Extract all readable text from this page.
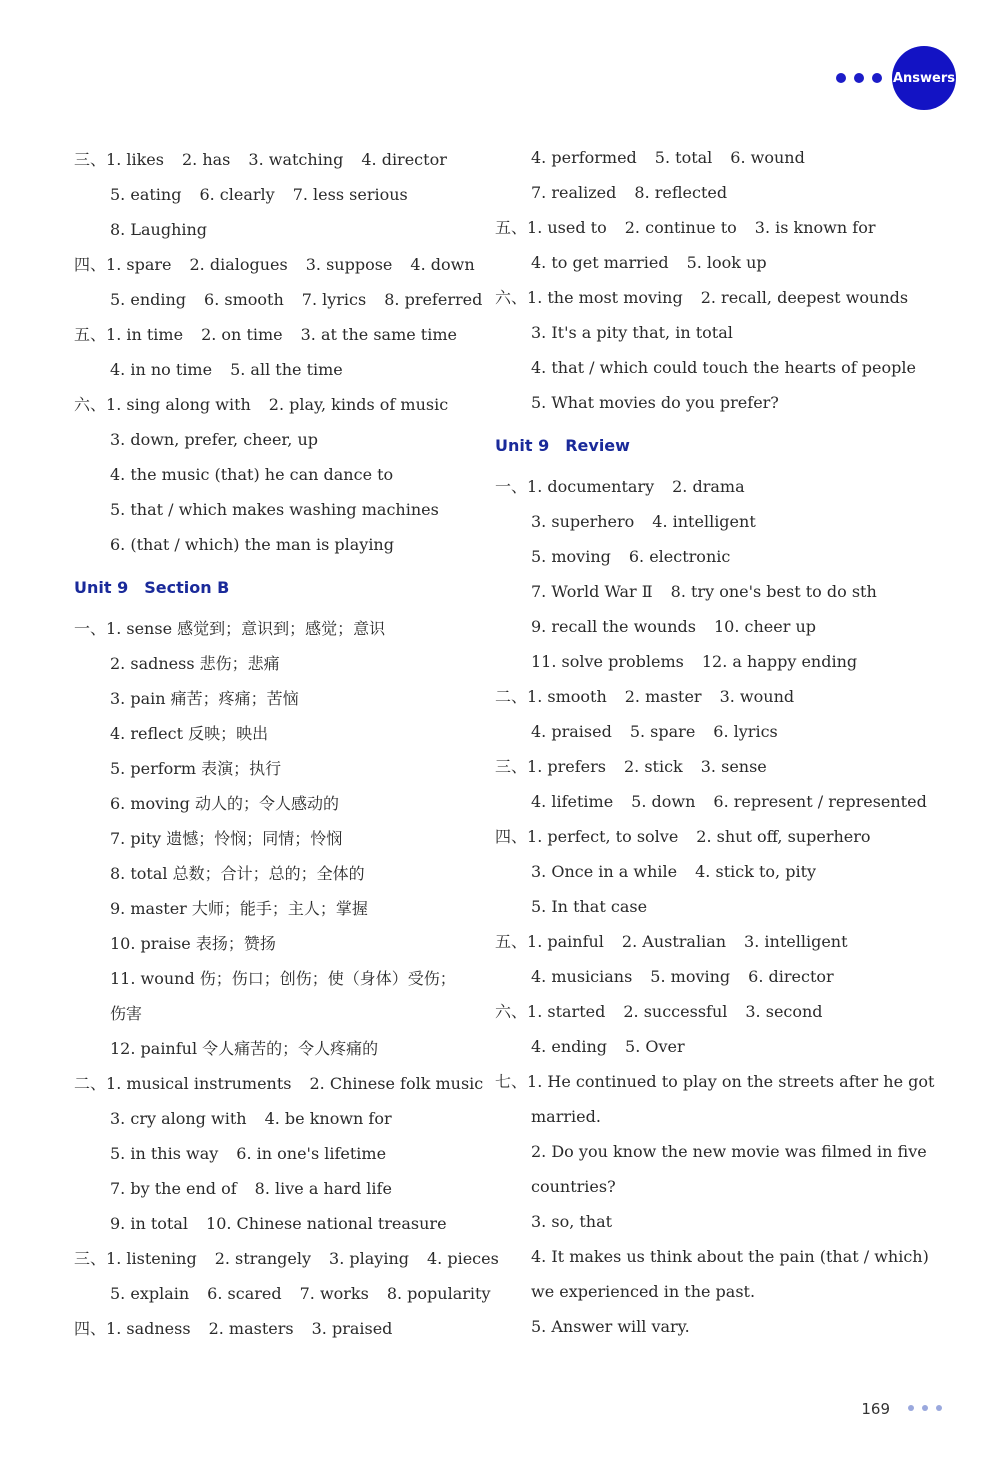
Answers
三、1. likes 2. has 3. watching 4. director
5. eating 6. clearly 7. less serious
8. Laughing
四、1. spare 2. dialogues 3. suppose 4. down
5. ending 6. smooth 7. lyrics 8. preferred
五、1. in time 2. on time 3. at the same time
4. in no time 5. all the time
六、1. sing along with 2. play, kinds of music
3. down, prefer, cheer, up
4. the music (that) he can dance to
5. that / which makes washing machines
6. (that / which) the man is playing
Unit 9 Section B
一、1. sense 感觉到；意识到；感觉；意识
2. sadness 悲伤；悲痛
3. pain 痛苦；疼痛；苦恼
4. reflect 反映；映出
5. perform 表演；执行
6. moving 动人的；令人感动的
7. pity 遗憾；怜悯；同情；怜悯
8. total 总数；合计；总的；全体的
9. master 大师；能手；主人；掌握
10. praise 表扬；赞扬
11. wound 伤；伤口；创伤；使（身体）受伤；
伤害
12. painful 令人痛苦的；令人疼痛的
二、1. musical instruments 2. Chinese folk music
3. cry along with 4. be known for
5. in this way 6. in one's lifetime
7. by the end of 8. live a hard life
9. in total 10. Chinese national treasure
三、1. listening 2. strangely 3. playing 4. pieces
5. explain 6. scared 7. works 8. popularity
四、1. sadness 2. masters 3. praised
4. performed 5. total 6. wound
7. realized 8. reflected
五、1. used to 2. continue to 3. is known for
4. to get married 5. look up
六、1. the most moving 2. recall, deepest wounds
3. It's a pity that, in total
4. that / which could touch the hearts of people
5. What movies do you prefer?
Unit 9 Review
一、1. documentary 2. drama
3. superhero 4. intelligent
5. moving 6. electronic
7. World War Ⅱ 8. try one's best to do sth
9. recall the wounds 10. cheer up
11. solve problems 12. a happy ending
二、1. smooth 2. master 3. wound
4. praised 5. spare 6. lyrics
三、1. prefers 2. stick 3. sense
4. lifetime 5. down 6. represent / represented
四、1. perfect, to solve 2. shut off, superhero
3. Once in a while 4. stick to, pity
5. In that case
五、1. painful 2. Australian 3. intelligent
4. musicians 5. moving 6. director
六、1. started 2. successful 3. second
4. ending 5. Over
七、1. He continued to play on the streets after he got
married.
2. Do you know the new movie was filmed in five
countries?
3. so, that
4. It makes us think about the pain (that / which)
we experienced in the past.
5. Answer will vary.
169
